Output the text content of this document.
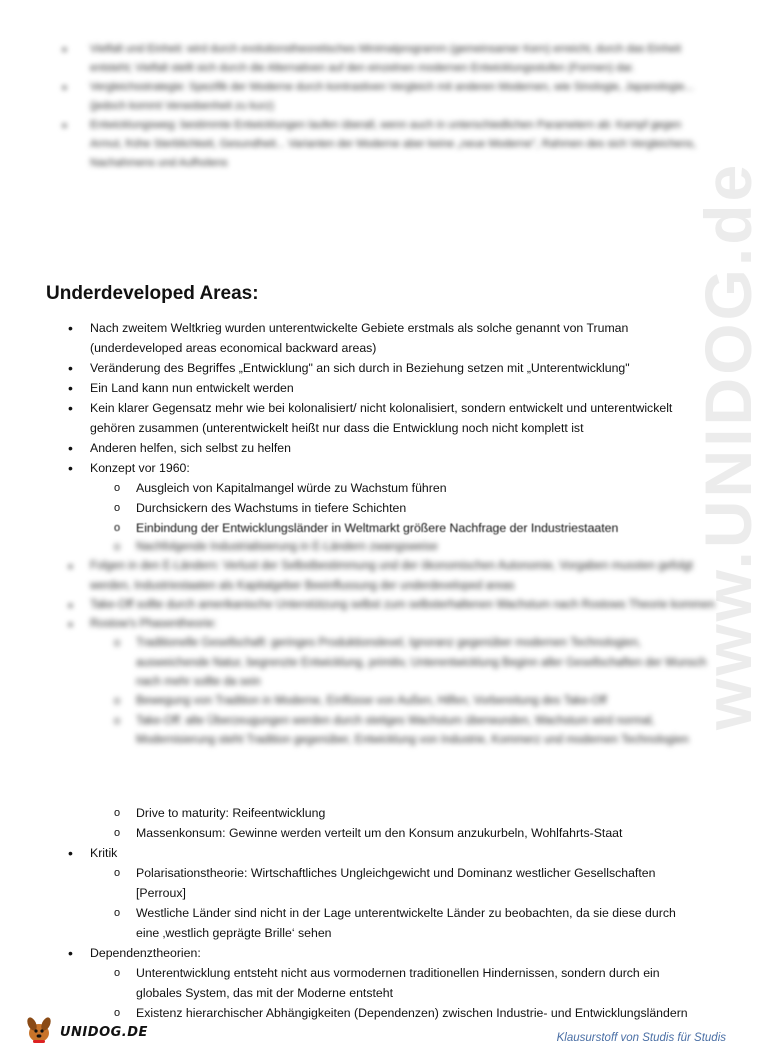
www.UNIDOG.de
• Vielfalt und Einheit: wird durch evolutionstheoretisches Minimalprogramm (gemeinsamer Kern) erreicht, durch das Einheit entsteht; Vielfalt stellt sich durch die Alternativen auf den einzelnen modernen Entwicklungsstufen (Formen) dar.
• Vergleichsstrategie: Spezifik der Moderne durch kontrastiven Vergleich mit anderen Modernen, wie Sinologie, Japanologie... (jedoch kommt Verwobenheit zu kurz)
• Entwicklungsweg: bestimmte Entwicklungen laufen überall, wenn auch in unterschiedlichen Parametern ab: Kampf gegen Armut, frühe Sterblichkeit, Gesundheit... Varianten der Moderne aber keine „neue Moderne", Rahmen des sich Vergleichens, Nachahmens und Aufholens
Underdeveloped Areas:
• Nach zweitem Weltkrieg wurden unterentwickelte Gebiete erstmals als solche genannt von Truman
(underdeveloped areas economical backward areas)
• Veränderung des Begriffes „Entwicklung" an sich durch in Beziehung setzen mit „Unterentwicklung"
• Ein Land kann nun entwickelt werden
• Kein klarer Gegensatz mehr wie bei kolonalisiert/ nicht kolonalisiert, sondern entwickelt und unterentwickelt
gehören zusammen (unterentwickelt heißt nur dass die Entwicklung noch nicht komplett ist
• Anderen helfen, sich selbst zu helfen
• Konzept vor 1960:
o Ausgleich von Kapitalmangel würde zu Wachstum führen
o Durchsickern des Wachstums in tiefere Schichten
o Einbindung der Entwicklungsländer in Weltmarkt größere Nachfrage der Industriestaaten
o Nachfolgende Industrialisierung in E-Ländern zwangsweise
• Folgen in den E-Ländern: Verlust der Selbstbestimmung und der ökonomischen Autonomie, Vorgaben mussten gefolgt werden, Industriestaaten als Kapitalgeber Beeinflussung der underdeveloped areas
• Take-Off sollte durch amerikanische Unterstützung selbst zum selbsterhaltenen Wachstum nach Rostows Theorie kommen
• Rostow's Phasentheorie:
o Traditionelle Gesellschaft: geringes Produktionslevel, Ignoranz gegenüber modernen Technologien, ausweichende Natur, begrenzte Entwicklung, primitiv, Unterentwicklung Beginn aller Gesellschaften der Wunsch nach mehr sollte da sein
o Bewegung von Tradition in Moderne, Einflüsse von Außen, Hilfen, Vorbereitung des Take-Off
o Take-Off: alte Überzeugungen werden durch stetiges Wachstum überwunden, Wachstum wird normal, Modernisierung steht Tradition gegenüber, Entwicklung von Industrie, Kommerz und modernen Technologien
o Drive to maturity: Reifeentwicklung
o Massenkonsum: Gewinne werden verteilt um den Konsum anzukurbeln, Wohlfahrts-Staat
• Kritik
o Polarisationstheorie: Wirtschaftliches Ungleichgewicht und Dominanz westlicher Gesellschaften
[Perroux]
o Westliche Länder sind nicht in der Lage unterentwickelte Länder zu beobachten, da sie diese durch
eine ‚westlich geprägte Brille‘ sehen
• Dependenztheorien:
o Unterentwicklung entsteht nicht aus vormodernen traditionellen Hindernissen, sondern durch ein
globales System, das mit der Moderne entsteht
o Existenz hierarchischer Abhängigkeiten (Dependenzen) zwischen Industrie- und Entwicklungsländern
UNIDOG.DE	Klausurstoff von Studis für Studis
